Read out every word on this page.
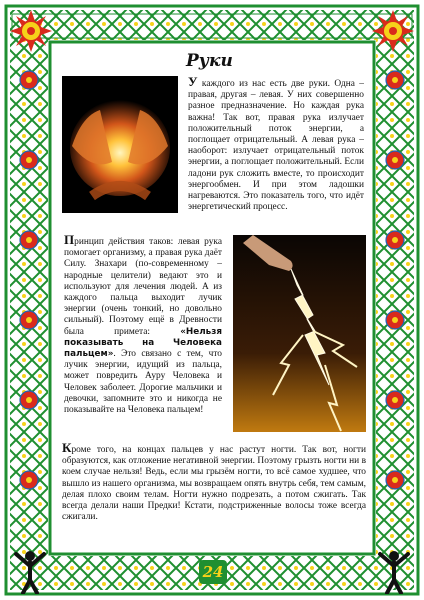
Руки

У каждого из нас есть две руки. Одна – правая, другая – левая. У них совершенно разное предназначение. Но каждая рука важна! Так вот, правая рука излучает положительный поток энергии, а поглощает отрицательный. А левая рука – наоборот: излучает отрицательный поток энергии, а поглощает положительный. Если ладони рук сложить вместе, то происходит энергообмен. И при этом ладошки нагреваются. Это показатель того, что идёт энергетический процесс.

Принцип действия таков: левая рука помогает организму, а правая рука даёт Силу. Знахари (по-современному – народные целители) ведают это и используют для лечения людей. А из каждого пальца выходит лучик энергии (очень тонкий, но довольно сильный). Поэтому ещё в Древности была примета: «Нельзя показывать на Человека пальцем». Это связано с тем, что лучик энергии, идущий из пальца, может повредить Ауру Человека и Человек заболеет. Дорогие мальчики и девочки, запомните это и никогда не показывайте на Человека пальцем!

Кроме того, на концах пальцев у нас растут ногти. Так вот, ногти образуются, как отложение негативной энергии. Поэтому грызть ногти ни в коем случае нельзя! Ведь, если мы грызём ногти, то всё самое худшее, что вышло из нашего организма, мы возвращаем опять внутрь себя, тем самым, делая плохо своим телам. Ногти нужно подрезать, а потом сжигать. Так всегда делали наши Предки! Кстати, подстриженные волосы тоже всегда сжигали.

24
